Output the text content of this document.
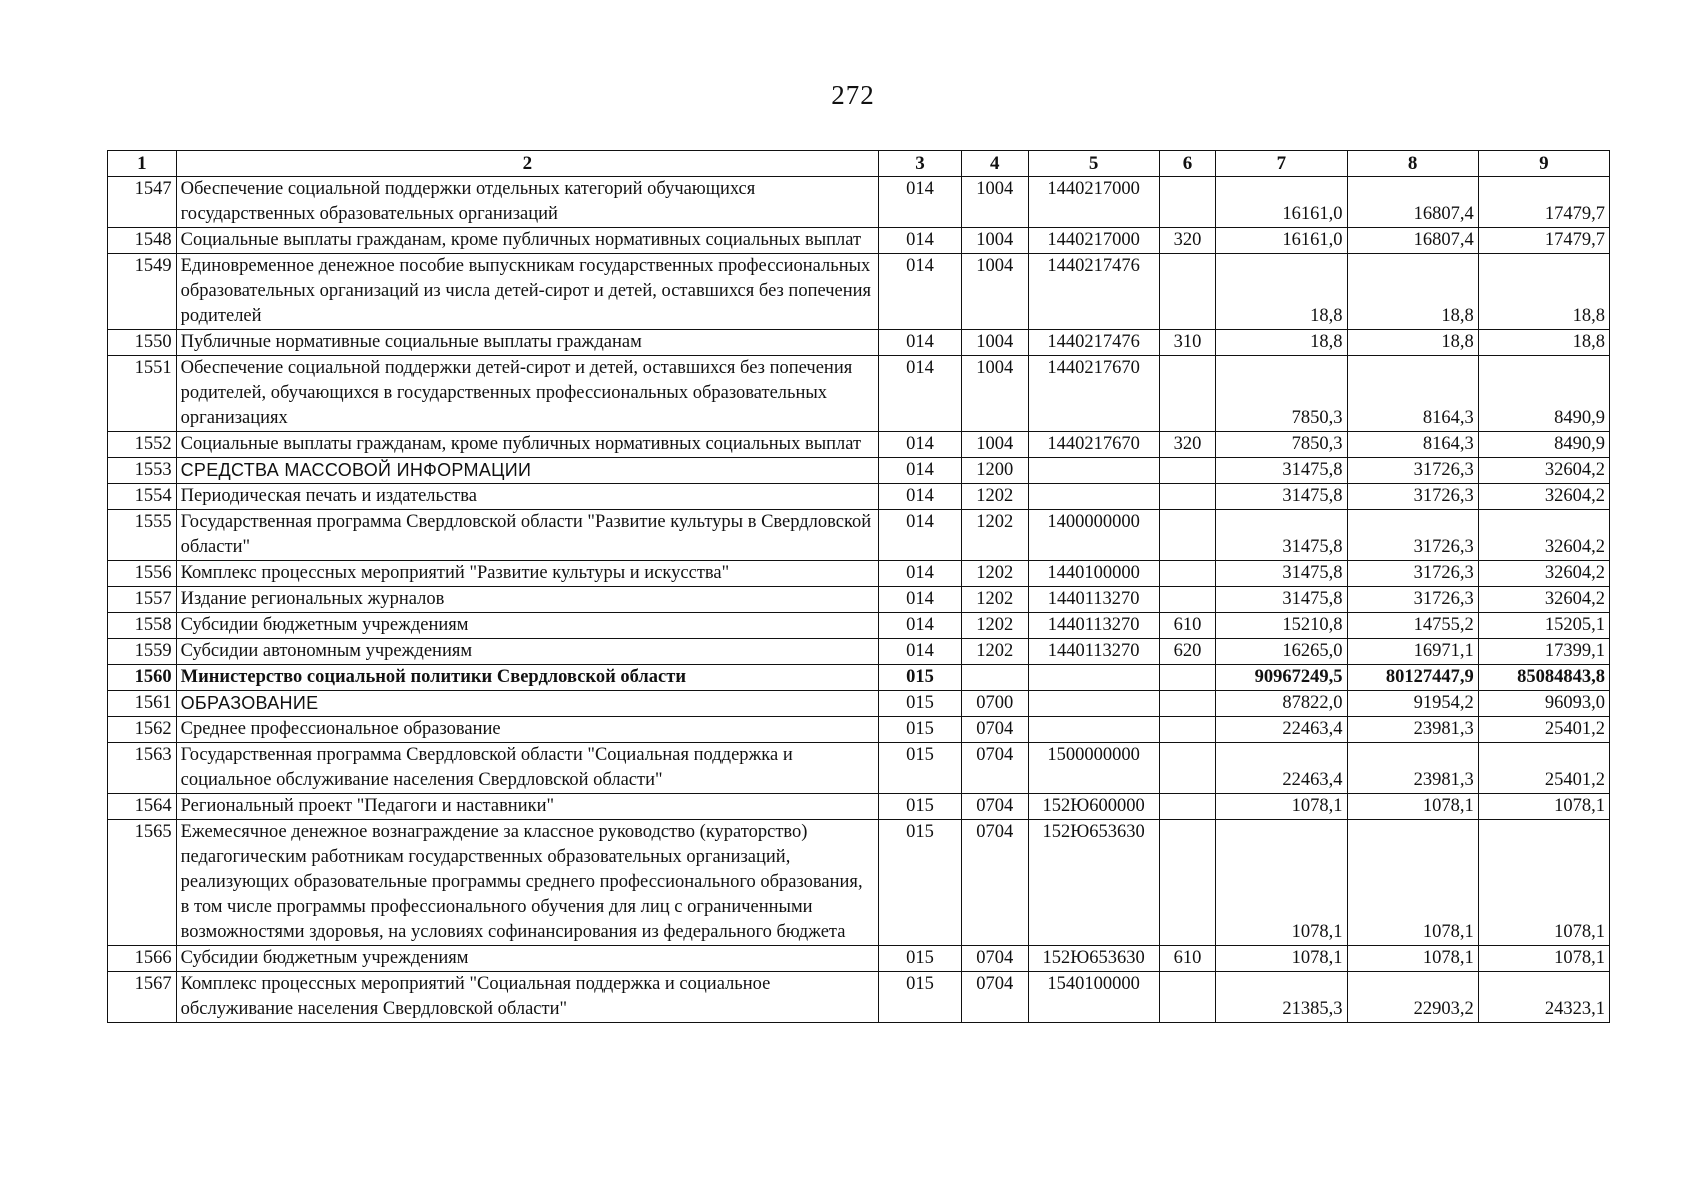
272
1	2	3	4	5	6	7	8	9
1547	Обеспечение социальной поддержки отдельных категорий обучающихся государственных образовательных организаций	014	1004	1440217000		16161,0	16807,4	17479,7
1548	Социальные выплаты гражданам, кроме публичных нормативных социальных выплат	014	1004	1440217000	320	16161,0	16807,4	17479,7
1549	Единовременное денежное пособие выпускникам государственных профессиональных образовательных организаций из числа детей-сирот и детей, оставшихся без попечения родителей	014	1004	1440217476		18,8	18,8	18,8
1550	Публичные нормативные социальные выплаты гражданам	014	1004	1440217476	310	18,8	18,8	18,8
1551	Обеспечение социальной поддержки детей-сирот и детей, оставшихся без попечения родителей, обучающихся в государственных профессиональных образовательных организациях	014	1004	1440217670		7850,3	8164,3	8490,9
1552	Социальные выплаты гражданам, кроме публичных нормативных социальных выплат	014	1004	1440217670	320	7850,3	8164,3	8490,9
1553	СРЕДСТВА МАССОВОЙ ИНФОРМАЦИИ	014	1200			31475,8	31726,3	32604,2
1554	Периодическая печать и издательства	014	1202			31475,8	31726,3	32604,2
1555	Государственная программа Свердловской области "Развитие культуры в Свердловской области"	014	1202	1400000000		31475,8	31726,3	32604,2
1556	Комплекс процессных мероприятий "Развитие культуры и искусства"	014	1202	1440100000		31475,8	31726,3	32604,2
1557	Издание региональных журналов	014	1202	1440113270		31475,8	31726,3	32604,2
1558	Субсидии бюджетным учреждениям	014	1202	1440113270	610	15210,8	14755,2	15205,1
1559	Субсидии автономным учреждениям	014	1202	1440113270	620	16265,0	16971,1	17399,1
1560	Министерство социальной политики Свердловской области	015				90967249,5	80127447,9	85084843,8
1561	ОБРАЗОВАНИЕ	015	0700			87822,0	91954,2	96093,0
1562	Среднее профессиональное образование	015	0704			22463,4	23981,3	25401,2
1563	Государственная программа Свердловской области "Социальная поддержка и социальное обслуживание населения Свердловской области"	015	0704	1500000000		22463,4	23981,3	25401,2
1564	Региональный проект "Педагоги и наставники"	015	0704	152Ю600000		1078,1	1078,1	1078,1
1565	Ежемесячное денежное вознаграждение за классное руководство (кураторство) педагогическим работникам государственных образовательных организаций, реализующих образовательные программы среднего профессионального образования, в том числе программы профессионального обучения для лиц с ограниченными возможностями здоровья, на условиях софинансирования из федерального бюджета	015	0704	152Ю653630		1078,1	1078,1	1078,1
1566	Субсидии бюджетным учреждениям	015	0704	152Ю653630	610	1078,1	1078,1	1078,1
1567	Комплекс процессных мероприятий "Социальная поддержка и социальное обслуживание населения Свердловской области"	015	0704	1540100000		21385,3	22903,2	24323,1
